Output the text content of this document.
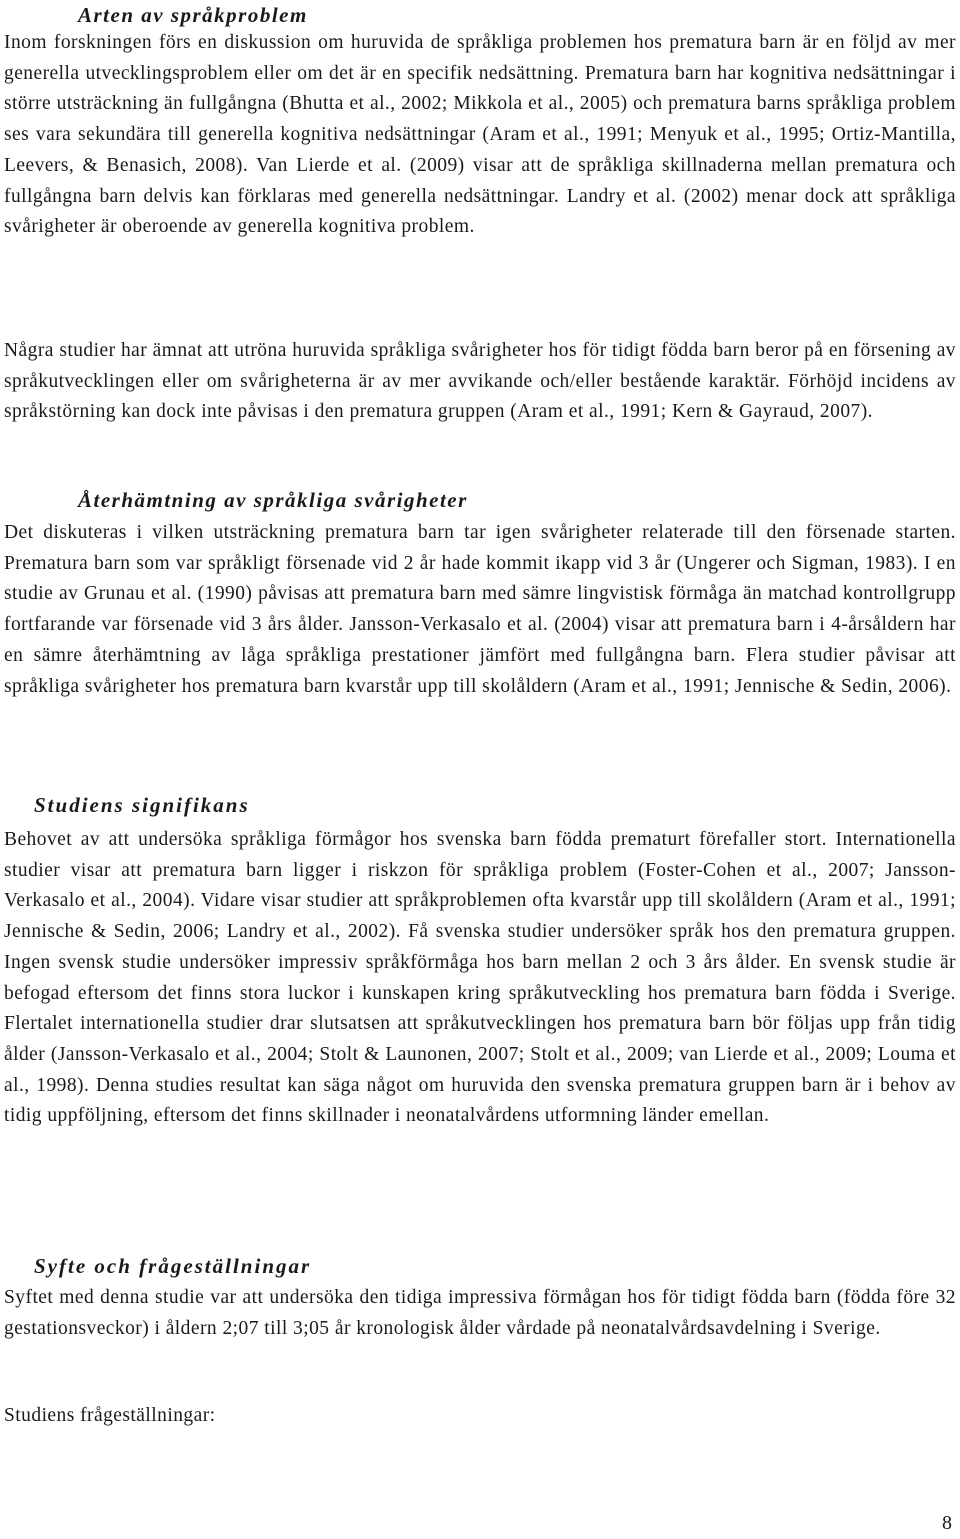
Arten av språkproblem

Inom forskningen förs en diskussion om huruvida de språkliga problemen hos prematura barn är en följd av mer generella utvecklingsproblem eller om det är en specifik nedsättning. Prematura barn har kognitiva nedsättningar i större utsträckning än fullgångna (Bhutta et al., 2002; Mikkola et al., 2005) och prematura barns språkliga problem ses vara sekundära till generella kognitiva nedsättningar (Aram et al., 1991; Menyuk et al., 1995; Ortiz-Mantilla, Leevers, & Benasich, 2008). Van Lierde et al. (2009) visar att de språkliga skillnaderna mellan prematura och fullgångna barn delvis kan förklaras med generella nedsättningar. Landry et al. (2002) menar dock att språkliga svårigheter är oberoende av generella kognitiva problem.

Några studier har ämnat att utröna huruvida språkliga svårigheter hos för tidigt födda barn beror på en försening av språkutvecklingen eller om svårigheterna är av mer avvikande och/eller bestående karaktär. Förhöjd incidens av språkstörning kan dock inte påvisas i den prematura gruppen (Aram et al., 1991; Kern & Gayraud, 2007).

Återhämtning av språkliga svårigheter

Det diskuteras i vilken utsträckning prematura barn tar igen svårigheter relaterade till den försenade starten. Prematura barn som var språkligt försenade vid 2 år hade kommit ikapp vid 3 år (Ungerer och Sigman, 1983). I en studie av Grunau et al. (1990) påvisas att prematura barn med sämre lingvistisk förmåga än matchad kontrollgrupp fortfarande var försenade vid 3 års ålder. Jansson-Verkasalo et al. (2004) visar att prematura barn i 4-årsåldern har en sämre återhämtning av låga språkliga prestationer jämfört med fullgångna barn. Flera studier påvisar att språkliga svårigheter hos prematura barn kvarstår upp till skolåldern (Aram et al., 1991; Jennische & Sedin, 2006).

Studiens signifikans

Behovet av att undersöka språkliga förmågor hos svenska barn födda prematurt förefaller stort. Internationella studier visar att prematura barn ligger i riskzon för språkliga problem (Foster-Cohen et al., 2007; Jansson-Verkasalo et al., 2004). Vidare visar studier att språkproblemen ofta kvarstår upp till skolåldern (Aram et al., 1991; Jennische & Sedin, 2006; Landry et al., 2002). Få svenska studier undersöker språk hos den prematura gruppen. Ingen svensk studie undersöker impressiv språkförmåga hos barn mellan 2 och 3 års ålder. En svensk studie är befogad eftersom det finns stora luckor i kunskapen kring språkutveckling hos prematura barn födda i Sverige. Flertalet internationella studier drar slutsatsen att språkutvecklingen hos prematura barn bör följas upp från tidig ålder (Jansson-Verkasalo et al., 2004; Stolt & Launonen, 2007; Stolt et al., 2009; van Lierde et al., 2009; Louma et al., 1998). Denna studies resultat kan säga något om huruvida den svenska prematura gruppen barn är i behov av tidig uppföljning, eftersom det finns skillnader i neonatalvårdens utformning länder emellan.

Syfte och frågeställningar

Syftet med denna studie var att undersöka den tidiga impressiva förmågan hos för tidigt födda barn (födda före 32 gestationsveckor) i åldern 2;07 till 3;05 år kronologisk ålder vårdade på neonatalvårdsavdelning i Sverige.

Studiens frågeställningar:

8
